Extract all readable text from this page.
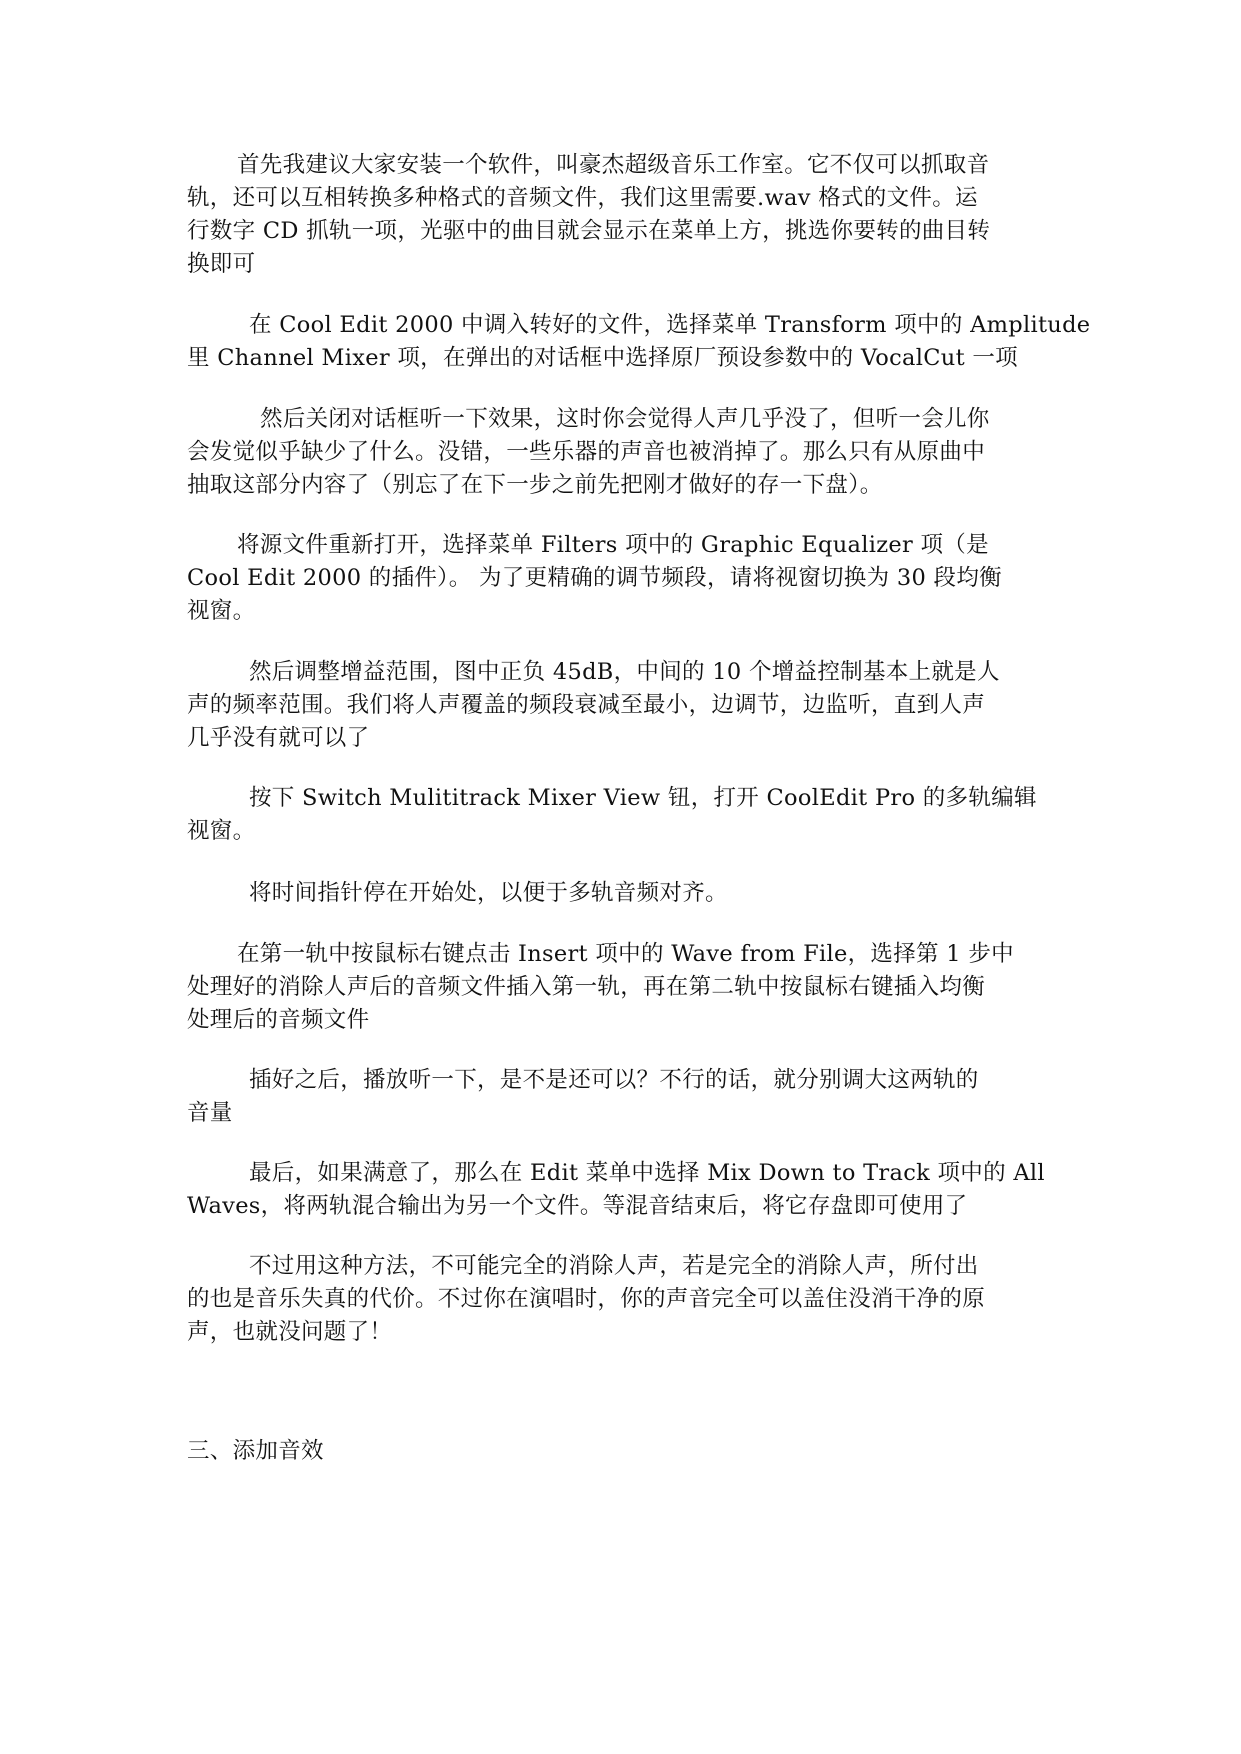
首先我建议大家安装一个软件，叫豪杰超级音乐工作室。它不仅可以抓取音
轨，还可以互相转换多种格式的音频文件，我们这里需要.wav 格式的文件。运
行数字 CD 抓轨一项，光驱中的曲目就会显示在菜单上方，挑选你要转的曲目转
换即可

在 Cool Edit 2000 中调入转好的文件，选择菜单 Transform 项中的 Amplitude
里 Channel Mixer 项，在弹出的对话框中选择原厂预设参数中的 VocalCut 一项

然后关闭对话框听一下效果，这时你会觉得人声几乎没了，但听一会儿你
会发觉似乎缺少了什么。没错，一些乐器的声音也被消掉了。那么只有从原曲中
抽取这部分内容了（别忘了在下一步之前先把刚才做好的存一下盘）。

将源文件重新打开，选择菜单 Filters 项中的 Graphic Equalizer 项（是
Cool Edit 2000 的插件）。 为了更精确的调节频段，请将视窗切换为 30 段均衡
视窗。

然后调整增益范围，图中正负 45dB，中间的 10 个增益控制基本上就是人
声的频率范围。我们将人声覆盖的频段衰减至最小，边调节，边监听，直到人声
几乎没有就可以了

按下 Switch Mulititrack Mixer View 钮，打开 CoolEdit Pro 的多轨编辑
视窗。

将时间指针停在开始处，以便于多轨音频对齐。

在第一轨中按鼠标右键点击 Insert 项中的 Wave from File，选择第 1 步中
处理好的消除人声后的音频文件插入第一轨，再在第二轨中按鼠标右键插入均衡
处理后的音频文件

插好之后，播放听一下，是不是还可以？不行的话，就分别调大这两轨的
音量

最后，如果满意了，那么在 Edit 菜单中选择 Mix Down to Track 项中的 All
Waves，将两轨混合输出为另一个文件。等混音结束后，将它存盘即可使用了

不过用这种方法，不可能完全的消除人声，若是完全的消除人声，所付出
的也是音乐失真的代价。不过你在演唱时，你的声音完全可以盖住没消干净的原
声，也就没问题了！

三、添加音效
